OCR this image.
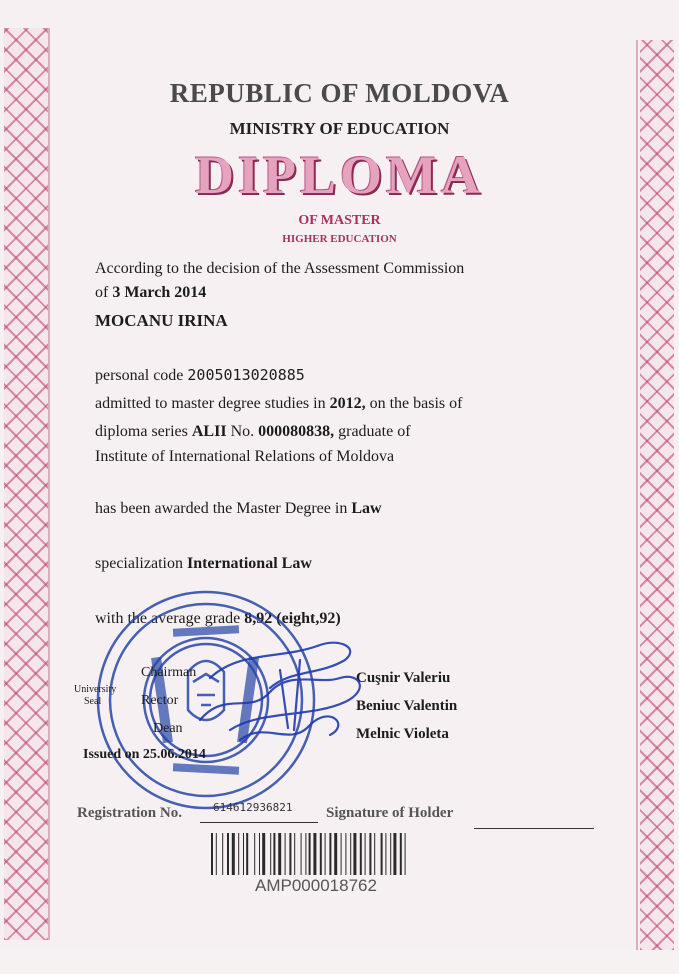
REPUBLIC OF MOLDOVA
MINISTRY OF EDUCATION
DIPLOMA
OF MASTER
HIGHER EDUCATION
According to the decision of the Assessment Commission
of 3 March 2014
MOCANU IRINA
personal code 2005013020885
admitted to master degree studies in 2012, on the basis of
diploma series ALII No. 000080838, graduate of
Institute of International Relations of Moldova
has been awarded the Master Degree in Law
specialization International Law
with the average grade 8,92 (eight,92)
Chairman	Cuşnir Valeriu
University
Seal	Rector	Beniuc Valentin
Dean	Melnic Violeta
Issued on 25.06.2014
Registration No.	614612936821 Signature of Holder
AMP000018762
